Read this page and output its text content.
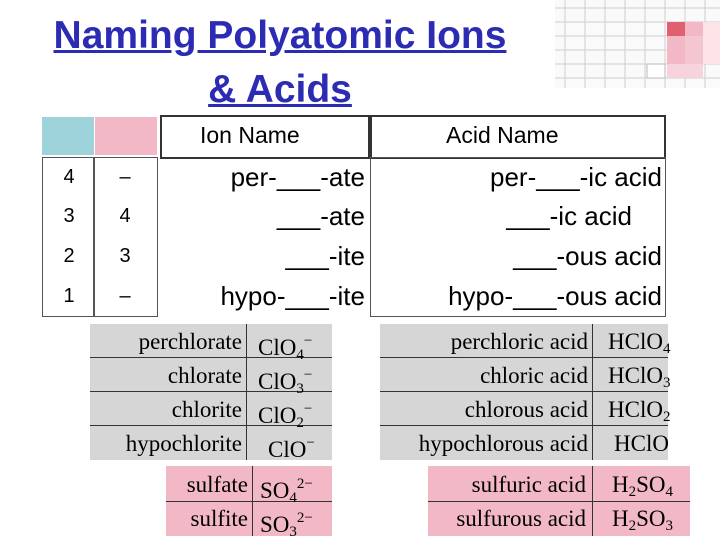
Naming Polyatomic Ions
& Acids
Ion Name	Acid Name
4	–	per-___-ate	per-___-ic acid
3	4	___-ate	___-ic acid
2	3	___-ite	___-ous acid
1	–	hypo-___-ite	hypo-___-ous acid
perchlorate ClO$_4$−
chlorate ClO$_3$−
chlorite ClO$_2$−
hypochlorite ClO−
perchloric acid HClO$_4$
chloric acid HClO$_3$
chlorous acid HClO$_2$
hypochlorous acid HClO
sulfate $SO_4^{2-}$
sulfite $SO_3^{2-}$
sulfuric acid $H_2SO_4$
sulfurous acid $H_2SO_3$
